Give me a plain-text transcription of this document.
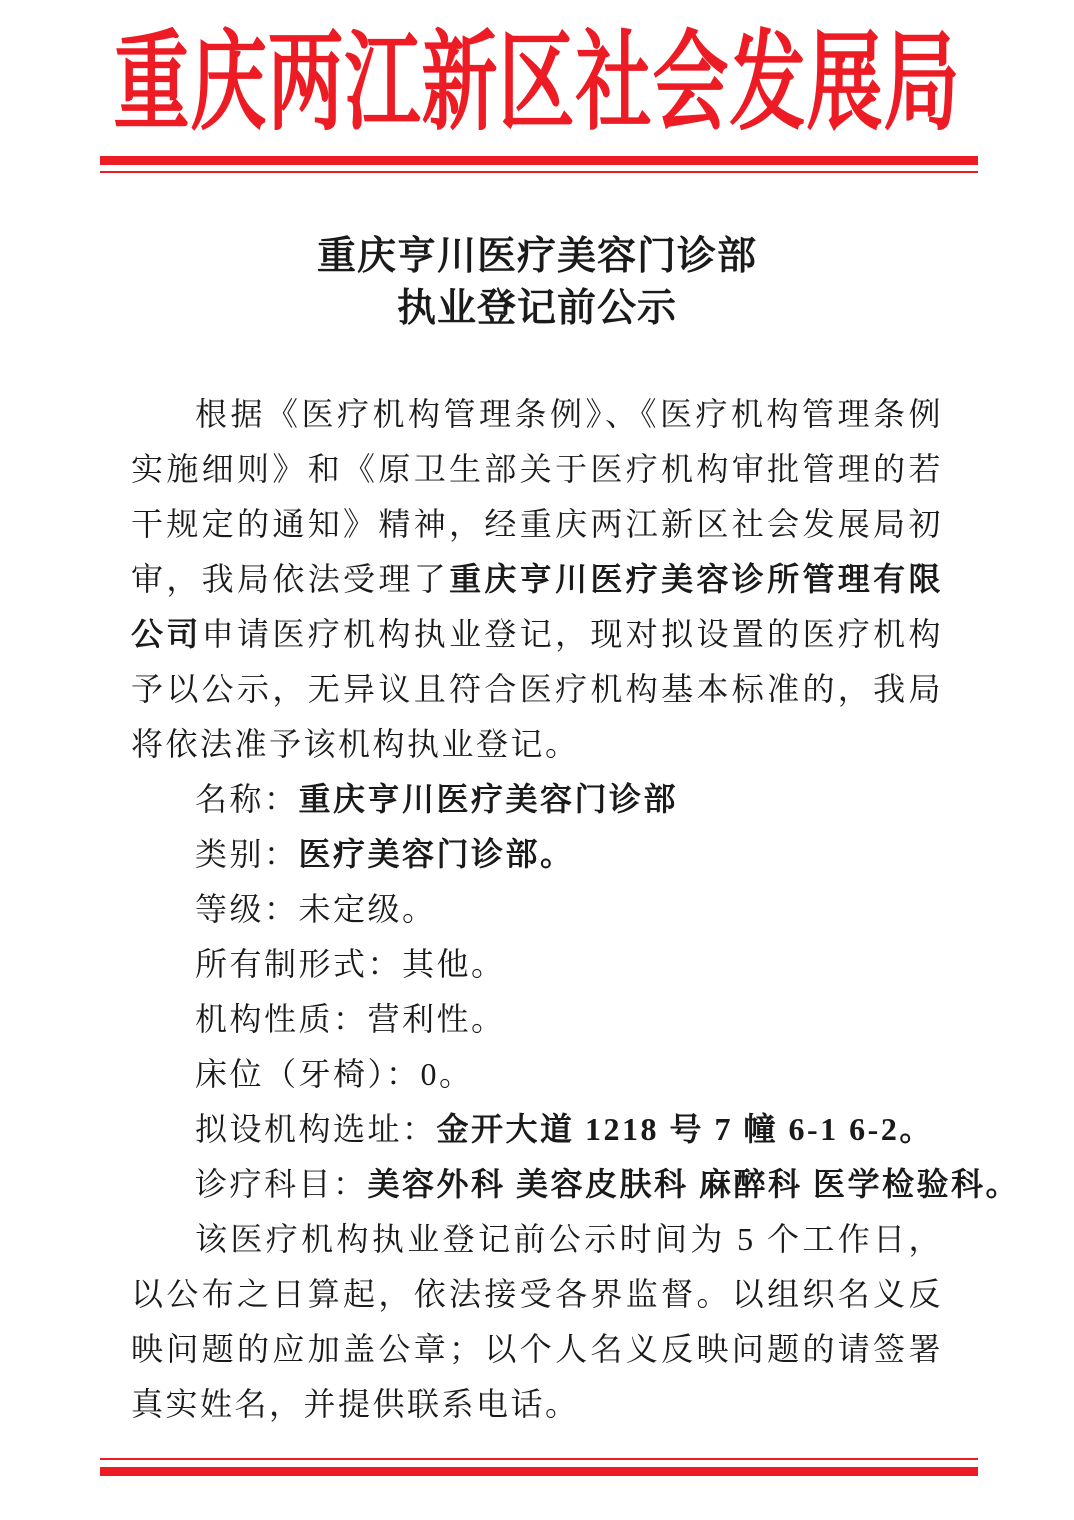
重庆两江新区社会发展局
重庆亨川医疗美容门诊部
执业登记前公示

根据《医疗机构管理条例》、《医疗机构管理条例实施细则》和《原卫生部关于医疗机构审批管理的若干规定的通知》精神，经重庆两江新区社会发展局初审，我局依法受理了重庆亨川医疗美容诊所管理有限公司申请医疗机构执业登记，现对拟设置的医疗机构予以公示，无异议且符合医疗机构基本标准的，我局将依法准予该机构执业登记。

名称：重庆亨川医疗美容门诊部

类别：医疗美容门诊部。

等级：未定级。

所有制形式：其他。

机构性质：营利性。

床位（牙椅）：0。

拟设机构选址：金开大道 1218 号 7 幢 6-1 6-2。

诊疗科目：美容外科 美容皮肤科 麻醉科 医学检验科。

该医疗机构执业登记前公示时间为 5 个工作日，以公布之日算起，依法接受各界监督。以组织名义反映问题的应加盖公章；以个人名义反映问题的请签署真实姓名，并提供联系电话。
